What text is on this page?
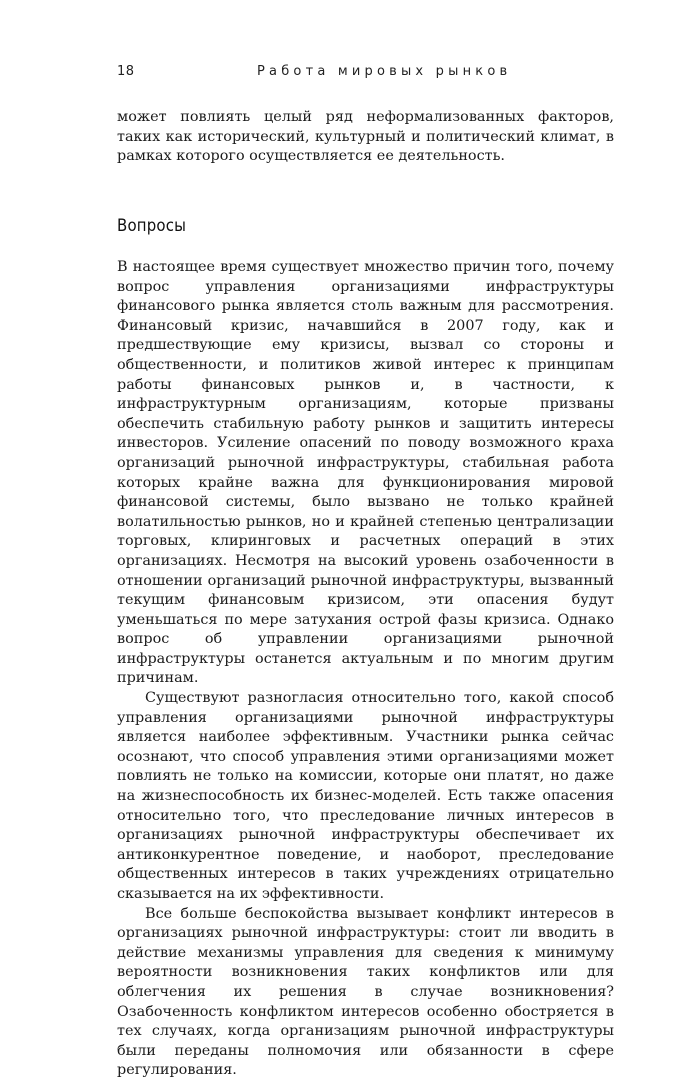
18	Работа мировых рынков

может повлиять целый ряд неформализованных факторов, таких как исторический, культурный и политический климат, в рамках которого осуществляется ее деятельность.

Вопросы

В настоящее время существует множество причин того, почему вопрос управления организациями инфраструктуры финансового рынка является столь важным для рассмотрения. Финансовый кризис, начавшийся в 2007 году, как и предшествующие ему кризисы, вызвал со стороны и общественности, и политиков живой интерес к принципам работы финансовых рынков и, в частности, к инфраструктурным организациям, которые призваны обеспечить стабильную работу рынков и защитить интересы инвесторов. Усиление опасений по поводу возможного краха организаций рыночной инфраструктуры, стабильная работа которых крайне важна для функционирования мировой финансовой системы, было вызвано не только крайней волатильностью рынков, но и крайней степенью централизации торговых, клиринговых и расчетных операций в этих организациях. Несмотря на высокий уровень озабоченности в отношении организаций рыночной инфраструктуры, вызванный текущим финансовым кризисом, эти опасения будут уменьшаться по мере затухания острой фазы кризиса. Однако вопрос об управлении организациями рыночной инфраструктуры останется актуальным и по многим другим причинам.

Существуют разногласия относительно того, какой способ управления организациями рыночной инфраструктуры является наиболее эффективным. Участники рынка сейчас осознают, что способ управления этими организациями может повлиять не только на комиссии, которые они платят, но даже на жизнеспособность их бизнес-моделей. Есть также опасения относительно того, что преследование личных интересов в организациях рыночной инфраструктуры обеспечивает их антиконкурентное поведение, и наоборот, преследование общественных интересов в таких учреждениях отрицательно сказывается на их эффективности.

Все больше беспокойства вызывает конфликт интересов в организациях рыночной инфраструктуры: стоит ли вводить в действие механизмы управления для сведения к минимуму вероятности возникновения таких конфликтов или для облегчения их решения в случае возникновения? Озабоченность конфликтом интересов особенно обостряется в тех случаях, когда организациям рыночной инфраструктуры были переданы полномочия или обязанности в сфере регулирования.
